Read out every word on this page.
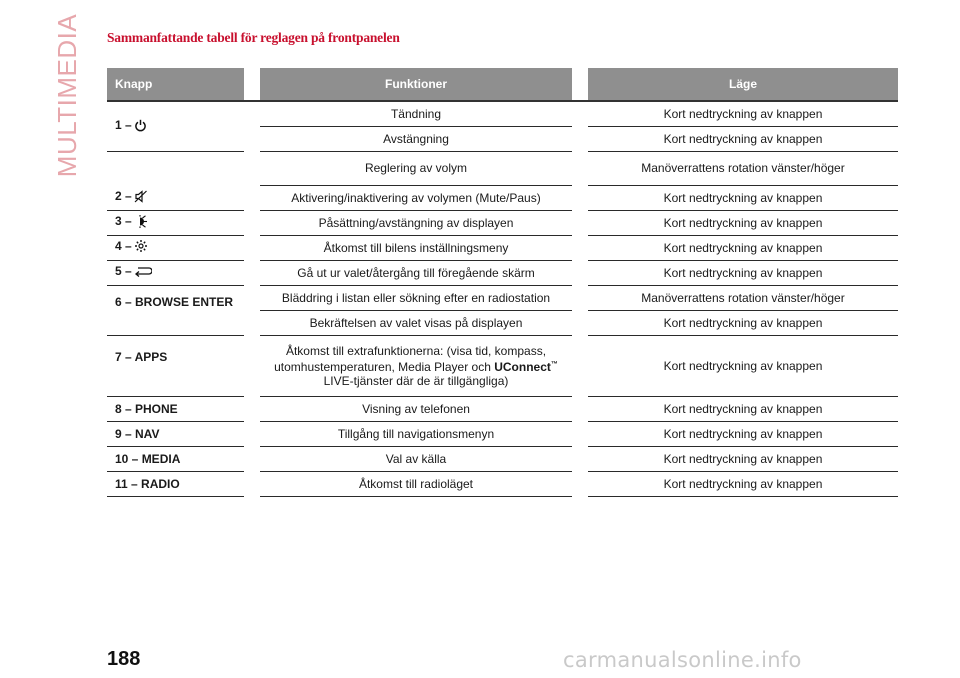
MULTIMEDIA Sammanfattande tabell för reglagen på frontpanelen
Knapp		Funktioner		Läge
1 –		Tändning		Kort nedtryckning av knappen
		Avstängning		Kort nedtryckning av knappen
		Reglering av volym		Manöverrattens rotation vänster/höger
2 –		Aktivering/inaktivering av volymen (Mute/Paus)		Kort nedtryckning av knappen
3 –		Påsättning/avstängning av displayen		Kort nedtryckning av knappen
4 –		Åtkomst till bilens inställningsmeny		Kort nedtryckning av knappen
5 –		Gå ut ur valet/återgång till föregående skärm		Kort nedtryckning av knappen
6 – BROWSE ENTER		Bläddring i listan eller sökning efter en radiostation		Manöverrattens rotation vänster/höger
		Bekräftelsen av valet visas på displayen		Kort nedtryckning av knappen
7 – APPS		Åtkomst till extrafunktionerna: (visa tid, kompass,
utomhustemperaturen, Media Player och UConnect™
LIVE-tjänster där de är tillgängliga)		Kort nedtryckning av knappen
8 – PHONE		Visning av telefonen		Kort nedtryckning av knappen
9 – NAV		Tillgång till navigationsmenyn		Kort nedtryckning av knappen
10 – MEDIA		Val av källa		Kort nedtryckning av knappen
11 – RADIO		Åtkomst till radioläget		Kort nedtryckning av knappen
188	carmanualsonline.info
